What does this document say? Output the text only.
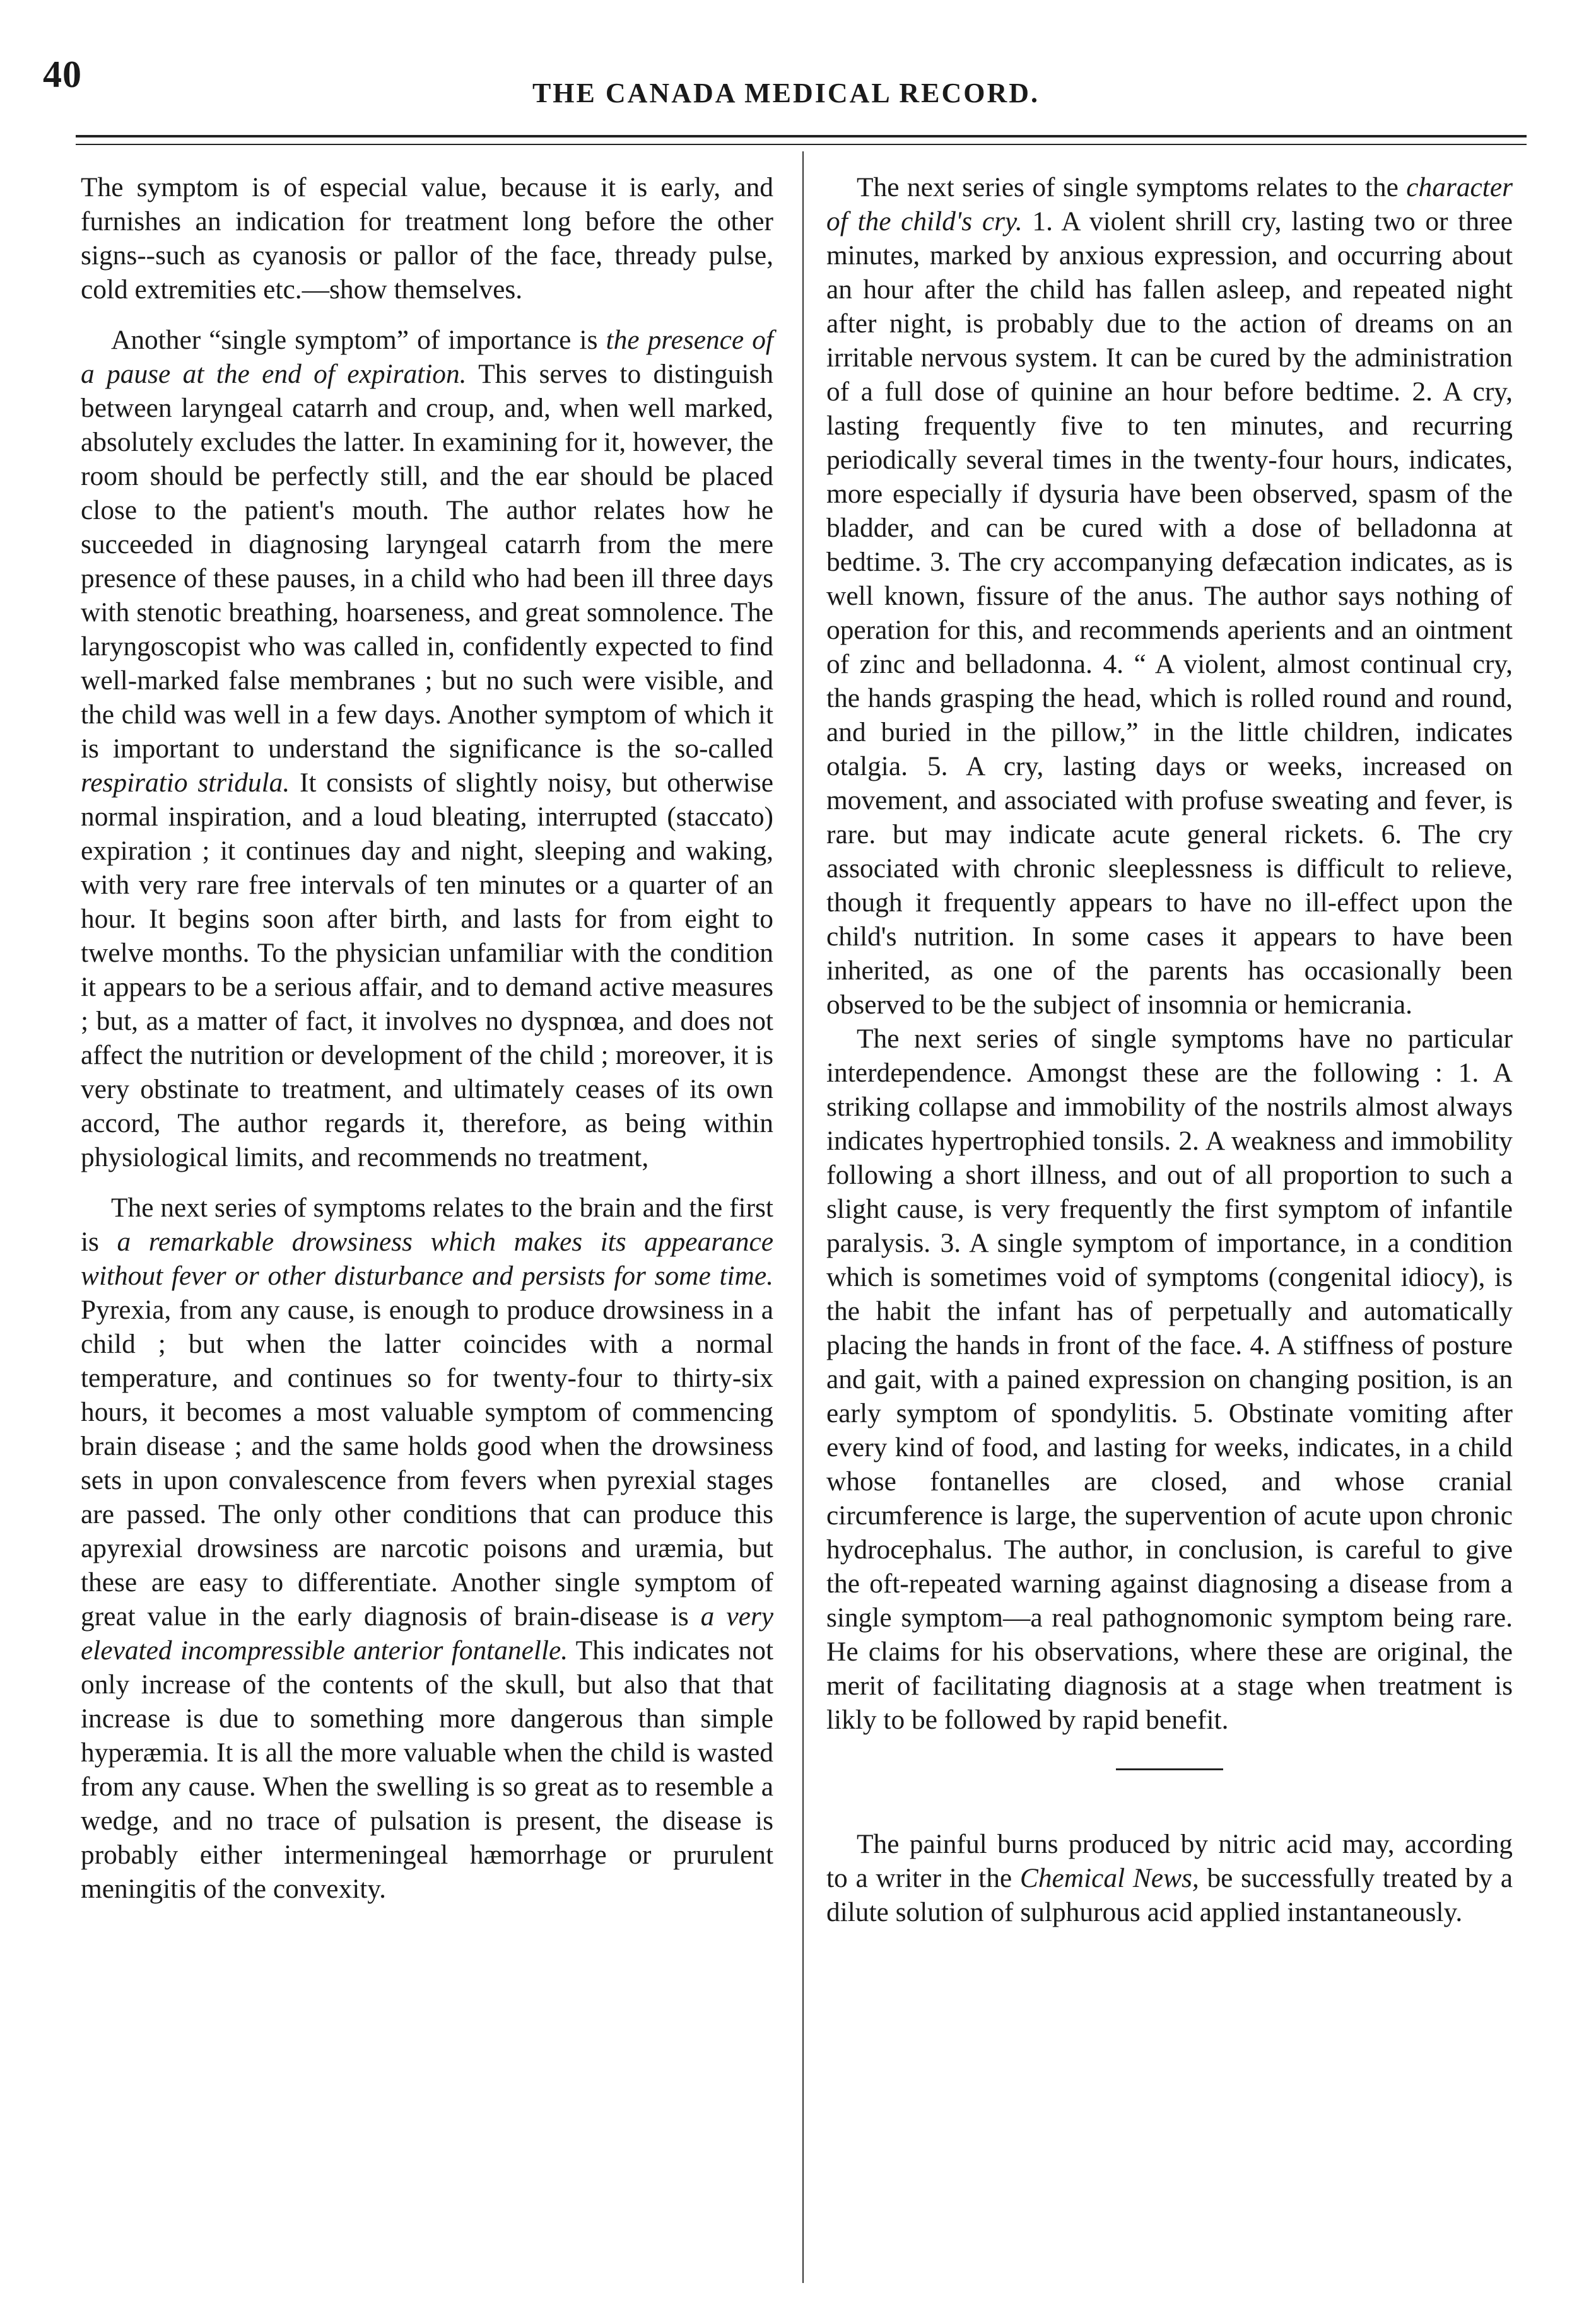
40	THE CANADA MEDICAL RECORD.

The symptom is of especial value, because it is early, and furnishes an indication for treatment long before the other signs--such as cyanosis or pallor of the face, thready pulse, cold extremities etc.—show themselves.

Another “single symptom” of importance is the presence of a pause at the end of expiration. This serves to distinguish between laryngeal catarrh and croup, and, when well marked, absolutely excludes the latter. In examining for it, however, the room should be perfectly still, and the ear should be placed close to the patient's mouth. The author relates how he succeeded in diagnosing laryngeal catarrh from the mere presence of these pauses, in a child who had been ill three days with stenotic breathing, hoarseness, and great somnolence. The laryngoscopist who was called in, confidently expected to find well-marked false membranes ; but no such were visible, and the child was well in a few days. Another symptom of which it is important to understand the significance is the so-called respiratio stridula. It consists of slightly noisy, but otherwise normal inspiration, and a loud bleating, interrupted (staccato) expiration ; it continues day and night, sleeping and waking, with very rare free intervals of ten minutes or a quarter of an hour. It begins soon after birth, and lasts for from eight to twelve months. To the physician unfamiliar with the condition it appears to be a serious affair, and to demand active measures ; but, as a matter of fact, it involves no dyspnœa, and does not affect the nutrition or development of the child ; moreover, it is very obstinate to treatment, and ultimately ceases of its own accord, The author regards it, therefore, as being within physiological limits, and recommends no treatment,

The next series of symptoms relates to the brain and the first is a remarkable drowsiness which makes its appearance without fever or other disturbance and persists for some time. Pyrexia, from any cause, is enough to produce drowsiness in a child ; but when the latter coincides with a normal temperature, and continues so for twenty-four to thirty-six hours, it becomes a most valuable symptom of commencing brain disease ; and the same holds good when the drowsiness sets in upon convalescence from fevers when pyrexial stages are passed. The only other conditions that can produce this apyrexial drowsiness are narcotic poisons and uræmia, but these are easy to differentiate. Another single symptom of great value in the early diagnosis of brain-disease is a very elevated incompressible anterior fontanelle. This indicates not only increase of the contents of the skull, but also that that increase is due to something more dangerous than simple hyperæmia. It is all the more valuable when the child is wasted from any cause. When the swelling is so great as to resemble a wedge, and no trace of pulsation is present, the disease is probably either intermeningeal hæmorrhage or prurulent meningitis of the convexity.

The next series of single symptoms relates to the character of the child's cry. 1. A violent shrill cry, lasting two or three minutes, marked by anxious expression, and occurring about an hour after the child has fallen asleep, and repeated night after night, is probably due to the action of dreams on an irritable nervous system. It can be cured by the administration of a full dose of quinine an hour before bedtime. 2. A cry, lasting frequently five to ten minutes, and recurring periodically several times in the twenty-four hours, indicates, more especially if dysuria have been observed, spasm of the bladder, and can be cured with a dose of belladonna at bedtime. 3. The cry accompanying defæcation indicates, as is well known, fissure of the anus. The author says nothing of operation for this, and recommends aperients and an ointment of zinc and belladonna. 4. “ A violent, almost continual cry, the hands grasping the head, which is rolled round and round, and buried in the pillow,” in the little children, indicates otalgia. 5. A cry, lasting days or weeks, increased on movement, and associated with profuse sweating and fever, is rare. but may indicate acute general rickets. 6. The cry associated with chronic sleeplessness is difficult to relieve, though it frequently appears to have no ill-effect upon the child's nutrition. In some cases it appears to have been inherited, as one of the parents has occasionally been observed to be the subject of insomnia or hemicrania.

The next series of single symptoms have no particular interdependence. Amongst these are the following : 1. A striking collapse and immobility of the nostrils almost always indicates hypertrophied tonsils. 2. A weakness and immobility following a short illness, and out of all proportion to such a slight cause, is very frequently the first symptom of infantile paralysis. 3. A single symptom of importance, in a condition which is sometimes void of symptoms (congenital idiocy), is the habit the infant has of perpetually and automatically placing the hands in front of the face. 4. A stiffness of posture and gait, with a pained expression on changing position, is an early symptom of spondylitis. 5. Obstinate vomiting after every kind of food, and lasting for weeks, indicates, in a child whose fontanelles are closed, and whose cranial circumference is large, the supervention of acute upon chronic hydrocephalus. The author, in conclusion, is careful to give the oft-repeated warning against diagnosing a disease from a single symptom—a real pathognomonic symptom being rare. He claims for his observations, where these are original, the merit of facilitating diagnosis at a stage when treatment is likly to be followed by rapid benefit.

The painful burns produced by nitric acid may, according to a writer in the Chemical News, be successfully treated by a dilute solution of sulphurous acid applied instantaneously.
